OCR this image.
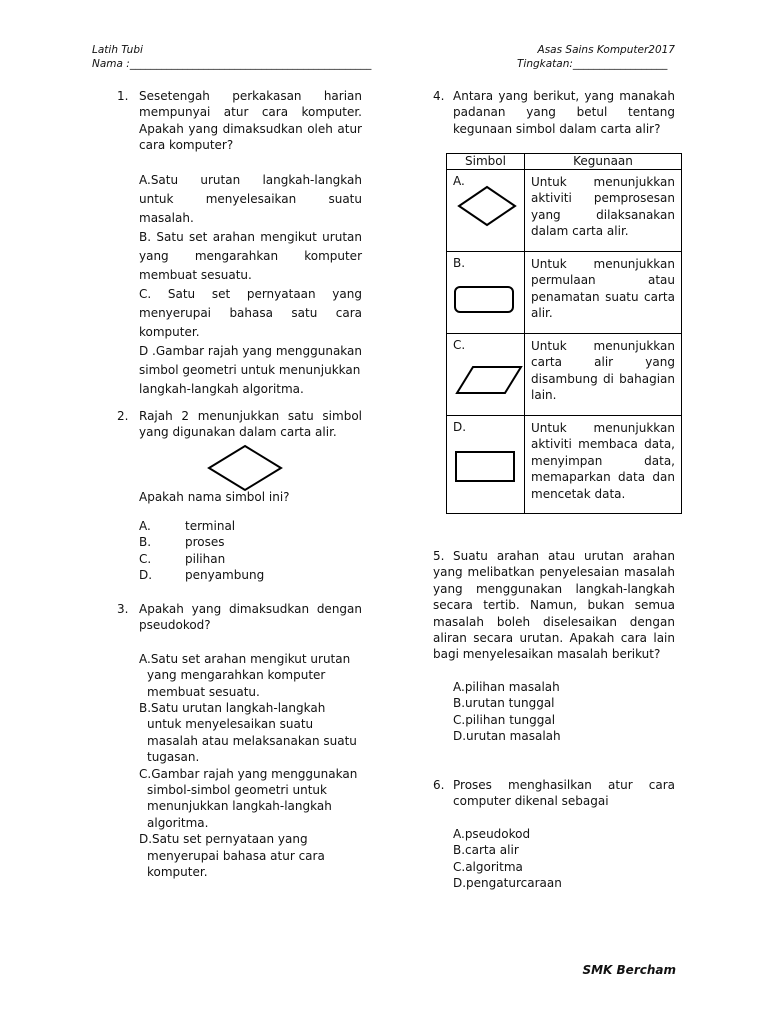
Latih Tubi
Nama :______________________________________________
Asas Sains Komputer2017
Tingkatan:__________________
1. Sesetengah perkakasan harian mempunyai atur cara komputer. Apakah yang dimaksudkan oleh atur cara komputer?
A.Satu urutan langkah-langkah untuk menyelesaikan suatu masalah.
B. Satu set arahan mengikut urutan yang mengarahkan komputer membuat sesuatu.
C. Satu set pernyataan yang menyerupai bahasa satu cara komputer.
D .Gambar rajah yang menggunakan simbol geometri untuk menunjukkan langkah-langkah algoritma.
2. Rajah 2 menunjukkan satu simbol yang digunakan dalam carta alir.
Apakah nama simbol ini?
A.	terminal
B.	proses
C.	pilihan
D.	penyambung
3. Apakah yang dimaksudkan dengan pseudokod?
A.Satu set arahan mengikut urutan yang mengarahkan komputer membuat sesuatu.
B.Satu urutan langkah-langkah untuk menyelesaikan suatu masalah atau melaksanakan suatu tugasan.
C.Gambar rajah yang menggunakan simbol-simbol geometri untuk menunjukkan langkah-langkah algoritma.
D.Satu set pernyataan yang menyerupai bahasa atur cara komputer.
4. Antara yang berikut, yang manakah padanan yang betul tentang kegunaan simbol dalam carta alir?
Simbol	Kegunaan

A.	Untuk menunjukkan aktiviti pemprosesan yang dilaksanakan dalam carta alir.

B.	Untuk menunjukkan permulaan atau penamatan suatu carta alir.

C.	Untuk menunjukkan carta alir yang disambung di bahagian lain.

D.	Untuk menunjukkan aktiviti membaca data, menyimpan data, memaparkan data dan mencetak data.
5. Suatu arahan atau urutan arahan yang melibatkan penyelesaian masalah yang menggunakan langkah-langkah secara tertib. Namun, bukan semua masalah boleh diselesaikan dengan aliran secara urutan. Apakah cara lain bagi menyelesaikan masalah berikut?
A.pilihan masalah
B.urutan tunggal
C.pilihan tunggal
D.urutan masalah
6. Proses menghasilkan atur cara computer dikenal sebagai
A.pseudokod
B.carta alir
C.algoritma
D.pengaturcaraan
SMK Bercham
